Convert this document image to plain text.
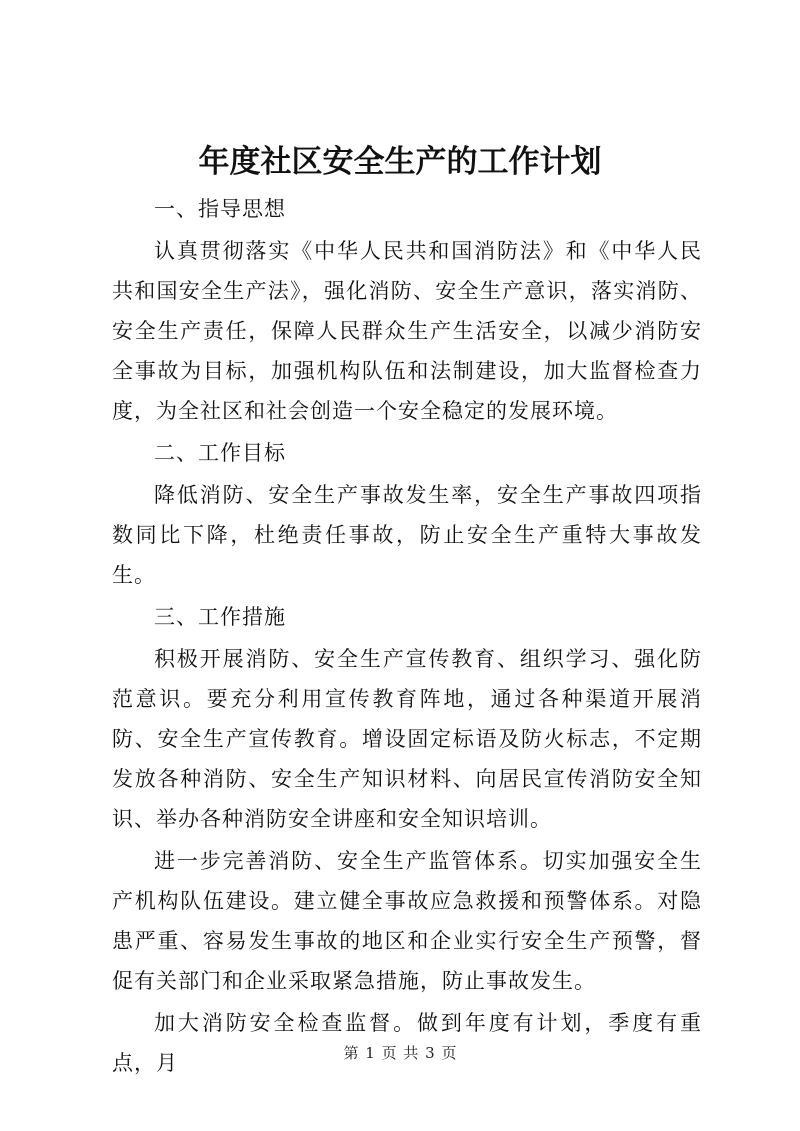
年度社区安全生产的工作计划

一、指导思想

认真贯彻落实《中华人民共和国消防法》和《中华人民共和国安全生产法》，强化消防、安全生产意识，落实消防、安全生产责任，保障人民群众生产生活安全，以减少消防安全事故为目标，加强机构队伍和法制建设，加大监督检查力度，为全社区和社会创造一个安全稳定的发展环境。

二、工作目标

降低消防、安全生产事故发生率，安全生产事故四项指数同比下降，杜绝责任事故，防止安全生产重特大事故发生。

三、工作措施

积极开展消防、安全生产宣传教育、组织学习、强化防范意识。要充分利用宣传教育阵地，通过各种渠道开展消防、安全生产宣传教育。增设固定标语及防火标志，不定期发放各种消防、安全生产知识材料、向居民宣传消防安全知识、举办各种消防安全讲座和安全知识培训。

进一步完善消防、安全生产监管体系。切实加强安全生产机构队伍建设。建立健全事故应急救援和预警体系。对隐患严重、容易发生事故的地区和企业实行安全生产预警，督促有关部门和企业采取紧急措施，防止事故发生。

加大消防安全检查监督。做到年度有计划，季度有重点，月	第 1 页 共 3 页
